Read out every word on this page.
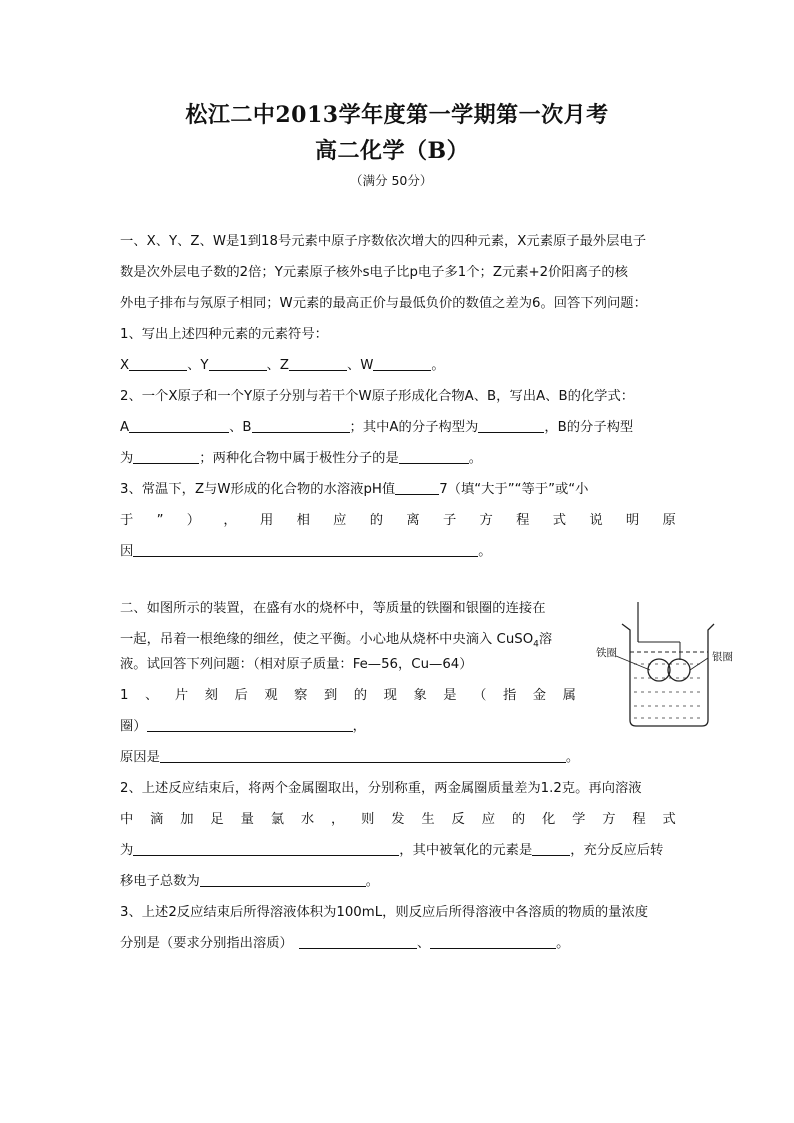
松江二中2013学年度第一学期第一次月考
高二化学（B）
（满分 50分）
一、X、Y、Z、W是1到18号元素中原子序数依次增大的四种元素，X元素原子最外层电子
数是次外层电子数的2倍；Y元素原子核外s电子比p电子多1个；Z元素+2价阳离子的核
外电子排布与氖原子相同；W元素的最高正价与最低负价的数值之差为6。回答下列问题：
1、写出上述四种元素的元素符号：
X	、Y	、Z	、W	。
2、一个X原子和一个Y原子分别与若干个W原子形成化合物A、B，写出A、B的化学式：
A	、B	；其中A的分子构型为	，B的分子构型
为	；两种化合物中属于极性分子的是	。
3、常温下，Z与W形成的化合物的水溶液pH值	7（填“大于”“等于”或“小
于 ” ） ， 用 相 应 的 离 子 方 程 式 说 明 原
因	。
二、如图所示的装置，在盛有水的烧杯中，等质量的铁圈和银圈的连接在
一起，吊着一根绝缘的细丝，使之平衡。小心地从烧杯中央滴入 CuSO$_4$溶
液。试回答下列问题：（相对原子质量：Fe—56，Cu—64）
1 、 片 刻 后 观 察 到 的 现 象 是 （ 指 金 属
圈）	，
原因是	。
2、上述反应结束后，将两个金属圈取出，分别称重，两金属圈质量差为1.2克。再向溶液
中 滴 加 足 量 氯 水 ， 则 发 生 反 应 的 化 学 方 程 式
为	，其中被氧化的元素是	，充分反应后转
移电子总数为	。
3、上述2反应结束后所得溶液体积为100mL，则反应后所得溶液中各溶质的物质的量浓度
分别是（要求分别指出溶质）	、	。
铁圈	银圈
